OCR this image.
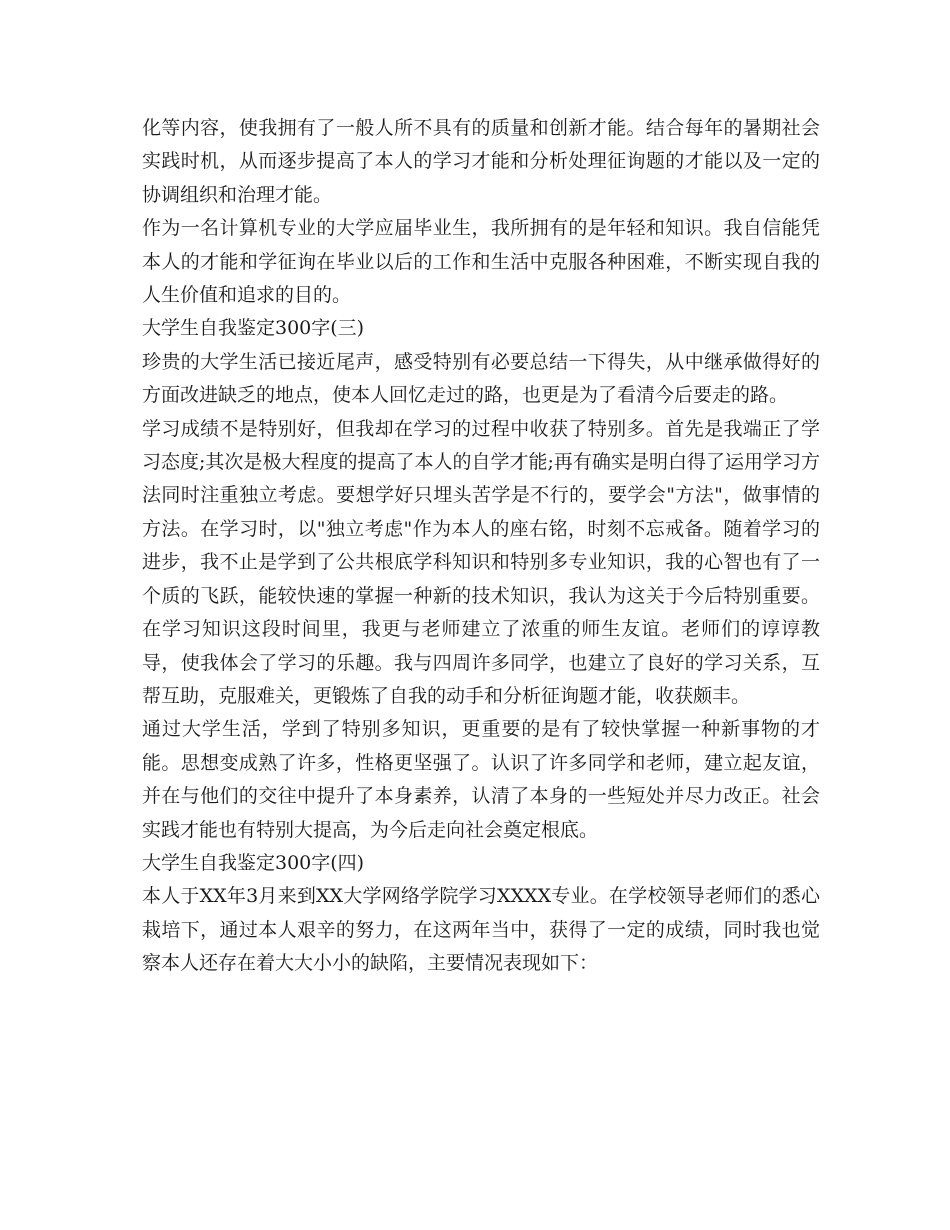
化等内容，使我拥有了一般人所不具有的质量和创新才能。结合每年的暑期社会实践时机，从而逐步提高了本人的学习才能和分析处理征询题的才能以及一定的协调组织和治理才能。

作为一名计算机专业的大学应届毕业生，我所拥有的是年轻和知识。我自信能凭本人的才能和学征询在毕业以后的工作和生活中克服各种困难，不断实现自我的人生价值和追求的目的。

大学生自我鉴定300字(三)

珍贵的大学生活已接近尾声，感受特别有必要总结一下得失，从中继承做得好的方面改进缺乏的地点，使本人回忆走过的路，也更是为了看清今后要走的路。

学习成绩不是特别好，但我却在学习的过程中收获了特别多。首先是我端正了学习态度;其次是极大程度的提高了本人的自学才能;再有确实是明白得了运用学习方法同时注重独立考虑。要想学好只埋头苦学是不行的，要学会"方法"，做事情的方法。在学习时，以"独立考虑"作为本人的座右铭，时刻不忘戒备。随着学习的进步，我不止是学到了公共根底学科知识和特别多专业知识，我的心智也有了一个质的飞跃，能较快速的掌握一种新的技术知识，我认为这关于今后特别重要。在学习知识这段时间里，我更与老师建立了浓重的师生友谊。老师们的谆谆教导，使我体会了学习的乐趣。我与四周许多同学，也建立了良好的学习关系，互帮互助，克服难关，更锻炼了自我的动手和分析征询题才能，收获颇丰。

通过大学生活，学到了特别多知识，更重要的是有了较快掌握一种新事物的才能。思想变成熟了许多，性格更坚强了。认识了许多同学和老师，建立起友谊，并在与他们的交往中提升了本身素养，认清了本身的一些短处并尽力改正。社会实践才能也有特别大提高，为今后走向社会奠定根底。

大学生自我鉴定300字(四)

本人于XX年3月来到XX大学网络学院学习XXXX专业。在学校领导老师们的悉心栽培下，通过本人艰辛的努力，在这两年当中，获得了一定的成绩，同时我也觉察本人还存在着大大小小的缺陷，主要情况表现如下：
